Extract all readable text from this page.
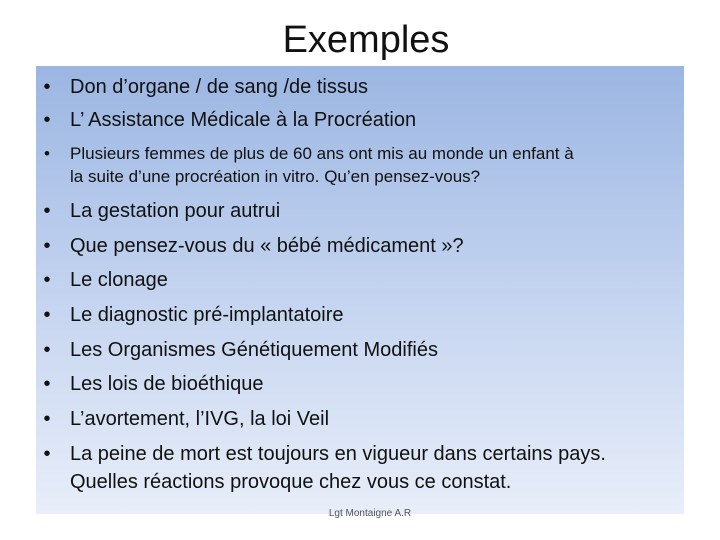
Exemples
• Don d’organe / de sang /de tissus
• L’ Assistance Médicale à la Procréation
• Plusieurs femmes de plus de 60 ans ont mis au monde un enfant à
la suite d’une procréation in vitro. Qu’en pensez-vous?
• La gestation pour autrui
• Que pensez-vous du « bébé médicament »?
• Le clonage
• Le diagnostic pré-implantatoire
• Les Organismes Génétiquement Modifiés
• Les lois de bioéthique
• L’avortement, l’IVG, la loi Veil
• La peine de mort est toujours en vigueur dans certains pays.
Quelles réactions provoque chez vous ce constat.
Lgt Montaigne A.R
